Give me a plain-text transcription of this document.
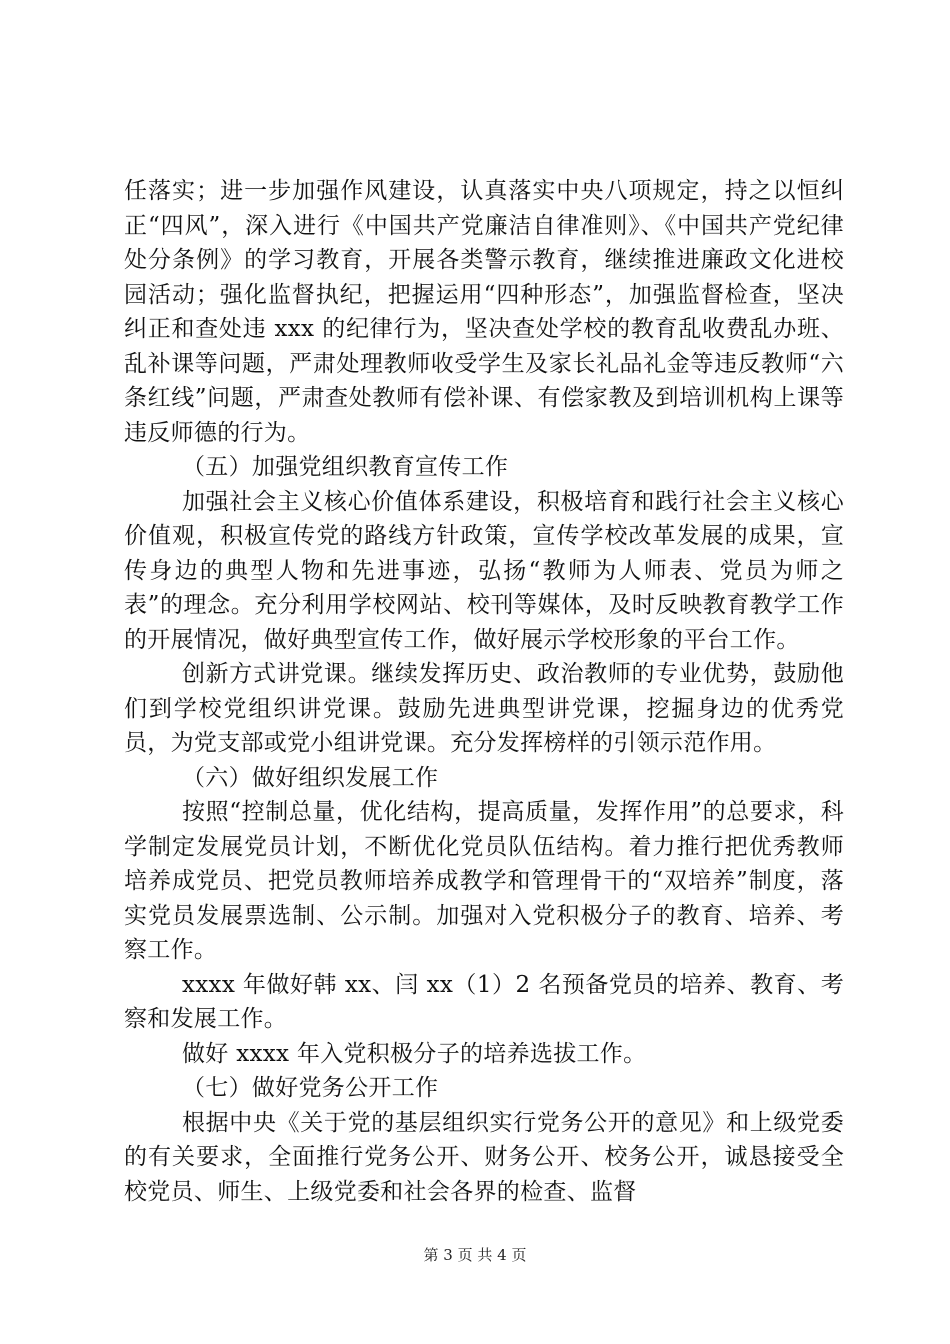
任落实；进一步加强作风建设，认真落实中央八项规定，持之以恒纠正“四风”，深入进行《中国共产党廉洁自律准则》、《中国共产党纪律处分条例》的学习教育，开展各类警示教育，继续推进廉政文化进校园活动；强化监督执纪，把握运用“四种形态”，加强监督检查，坚决纠正和查处违 xxx 的纪律行为，坚决查处学校的教育乱收费乱办班、乱补课等问题，严肃处理教师收受学生及家长礼品礼金等违反教师“六条红线”问题，严肃查处教师有偿补课、有偿家教及到培训机构上课等违反师德的行为。

（五）加强党组织教育宣传工作

加强社会主义核心价值体系建设，积极培育和践行社会主义核心价值观，积极宣传党的路线方针政策，宣传学校改革发展的成果，宣传身边的典型人物和先进事迹，弘扬“教师为人师表、党员为师之表”的理念。充分利用学校网站、校刊等媒体，及时反映教育教学工作的开展情况，做好典型宣传工作，做好展示学校形象的平台工作。

创新方式讲党课。继续发挥历史、政治教师的专业优势，鼓励他们到学校党组织讲党课。鼓励先进典型讲党课，挖掘身边的优秀党员，为党支部或党小组讲党课。充分发挥榜样的引领示范作用。

（六）做好组织发展工作

按照“控制总量，优化结构，提高质量，发挥作用”的总要求，科学制定发展党员计划，不断优化党员队伍结构。着力推行把优秀教师培养成党员、把党员教师培养成教学和管理骨干的“双培养”制度，落实党员发展票选制、公示制。加强对入党积极分子的教育、培养、考察工作。

xxxx 年做好韩 xx、闫 xx（1）2 名预备党员的培养、教育、考察和发展工作。

做好 xxxx 年入党积极分子的培养选拔工作。

（七）做好党务公开工作

根据中央《关于党的基层组织实行党务公开的意见》和上级党委的有关要求，全面推行党务公开、财务公开、校务公开，诚恳接受全校党员、师生、上级党委和社会各界的检查、监督

第 3 页 共 4 页
